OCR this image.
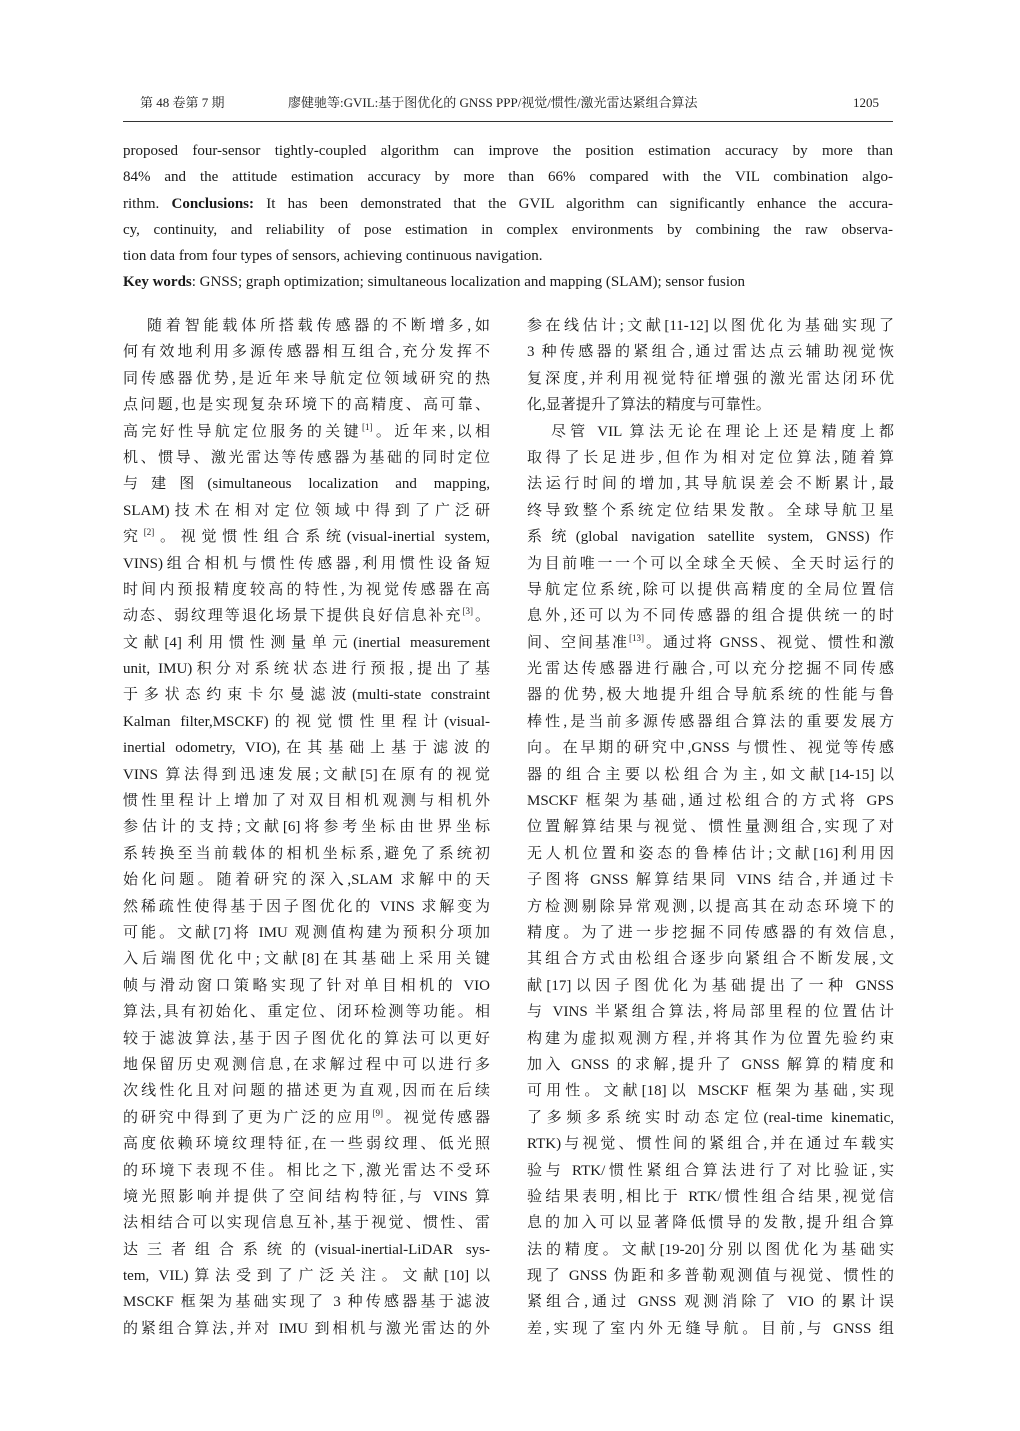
第 48 卷第 7 期	廖健驰等:GVIL:基于图优化的 GNSS PPP/视觉/惯性/激光雷达紧组合算法	1205
proposed four-sensor tightly-coupled algorithm can improve the position estimation accuracy by more than
84% and the attitude estimation accuracy by more than 66% compared with the VIL combination algo-
rithm. Conclusions: It has been demonstrated that the GVIL algorithm can significantly enhance the accura-
cy, continuity, and reliability of pose estimation in complex environments by combining the raw observa-
tion data from four types of sensors, achieving continuous navigation.
Key words: GNSS; graph optimization; simultaneous localization and mapping (SLAM); sensor fusion
随着智能载体所搭载传感器的不断增多,如
何有效地利用多源传感器相互组合,充分发挥不
同传感器优势,是近年来导航定位领域研究的热
点问题,也是实现复杂环境下的高精度、高可靠、
高完好性导航定位服务的关键[1]。近年来,以相
机、惯导、激光雷达等传感器为基础的同时定位
与建图(simultaneous localization and mapping,
SLAM)技术在相对定位领域中得到了广泛研
究[2]。视觉惯性组合系统(visual-inertial system,
VINS)组合相机与惯性传感器,利用惯性设备短
时间内预报精度较高的特性,为视觉传感器在高
动态、弱纹理等退化场景下提供良好信息补充[3]。
文献[4]利用惯性测量单元(inertial measurement
unit, IMU)积分对系统状态进行预报,提出了基
于多状态约束卡尔曼滤波(multi-state constraint
Kalman filter,MSCKF)的视觉惯性里程计(visual-
inertial odometry, VIO),在其基础上基于滤波的
VINS 算法得到迅速发展;文献[5]在原有的视觉
惯性里程计上增加了对双目相机观测与相机外
参估计的支持;文献[6]将参考坐标由世界坐标
系转换至当前载体的相机坐标系,避免了系统初
始化问题。随着研究的深入,SLAM 求解中的天
然稀疏性使得基于因子图优化的 VINS 求解变为
可能。文献[7]将 IMU 观测值构建为预积分项加
入后端图优化中;文献[8]在其基础上采用关键
帧与滑动窗口策略实现了针对单目相机的 VIO
算法,具有初始化、重定位、闭环检测等功能。相
较于滤波算法,基于因子图优化的算法可以更好
地保留历史观测信息,在求解过程中可以进行多
次线性化且对问题的描述更为直观,因而在后续
的研究中得到了更为广泛的应用[9]。视觉传感器
高度依赖环境纹理特征,在一些弱纹理、低光照
的环境下表现不佳。相比之下,激光雷达不受环
境光照影响并提供了空间结构特征,与 VINS 算
法相结合可以实现信息互补,基于视觉、惯性、雷
达三者组合系统的(visual-inertial-LiDAR sys-
tem, VIL)算法受到了广泛关注。文献[10]以
MSCKF 框架为基础实现了 3 种传感器基于滤波
的紧组合算法,并对 IMU 到相机与激光雷达的外
参在线估计;文献[11-12]以图优化为基础实现了
3 种传感器的紧组合,通过雷达点云辅助视觉恢
复深度,并利用视觉特征增强的激光雷达闭环优
化,显著提升了算法的精度与可靠性。
尽管 VIL 算法无论在理论上还是精度上都
取得了长足进步,但作为相对定位算法,随着算
法运行时间的增加,其导航误差会不断累计,最
终导致整个系统定位结果发散。全球导航卫星
系统(global navigation satellite system, GNSS)作
为目前唯一一个可以全球全天候、全天时运行的
导航定位系统,除可以提供高精度的全局位置信
息外,还可以为不同传感器的组合提供统一的时
间、空间基准[13]。通过将 GNSS、视觉、惯性和激
光雷达传感器进行融合,可以充分挖掘不同传感
器的优势,极大地提升组合导航系统的性能与鲁
棒性,是当前多源传感器组合算法的重要发展方
向。在早期的研究中,GNSS 与惯性、视觉等传感
器的组合主要以松组合为主,如文献[14-15]以
MSCKF 框架为基础,通过松组合的方式将 GPS
位置解算结果与视觉、惯性量测组合,实现了对
无人机位置和姿态的鲁棒估计;文献[16]利用因
子图将 GNSS 解算结果同 VINS 结合,并通过卡
方检测剔除异常观测,以提高其在动态环境下的
精度。为了进一步挖掘不同传感器的有效信息,
其组合方式由松组合逐步向紧组合不断发展,文
献[17]以因子图优化为基础提出了一种 GNSS
与 VINS 半紧组合算法,将局部里程的位置估计
构建为虚拟观测方程,并将其作为位置先验约束
加入 GNSS 的求解,提升了 GNSS 解算的精度和
可用性。文献[18]以 MSCKF 框架为基础,实现
了多频多系统实时动态定位(real-time kinematic,
RTK)与视觉、惯性间的紧组合,并在通过车载实
验与 RTK/惯性紧组合算法进行了对比验证,实
验结果表明,相比于 RTK/惯性组合结果,视觉信
息的加入可以显著降低惯导的发散,提升组合算
法的精度。文献[19-20]分别以图优化为基础实
现了 GNSS 伪距和多普勒观测值与视觉、惯性的
紧组合,通过 GNSS 观测消除了 VIO 的累计误
差,实现了室内外无缝导航。目前,与 GNSS 组
